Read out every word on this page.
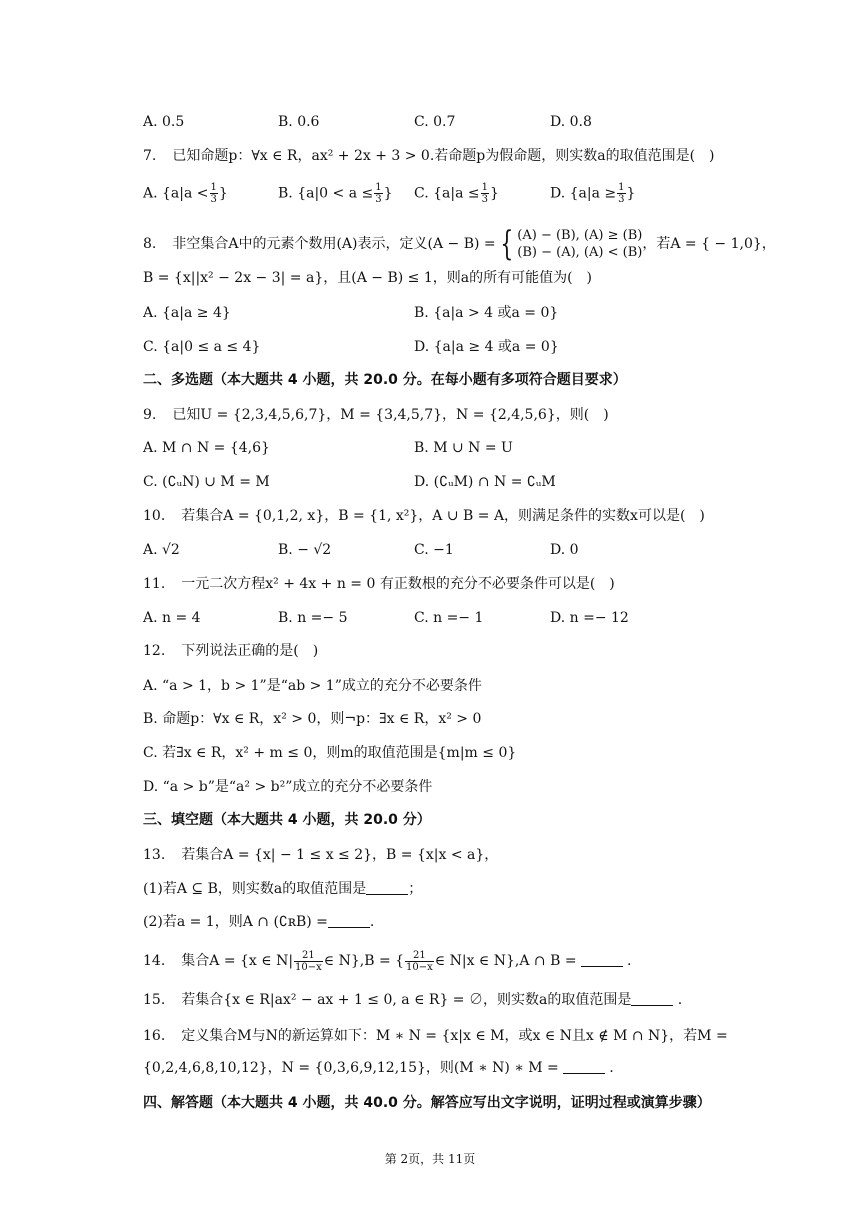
A. 0.5	B. 0.6	C. 0.7	D. 0.8
7. 已知命题p：∀x ∈ R，ax² + 2x + 3 > 0.若命题p为假命题，则实数a的取值范围是(　)
A. {$a|a < \frac{1}{3}$ }	B. {$a|0 < a \le \frac{1}{3}$ } C. {$a|a \le \frac{1}{3}$ }	D. {$a|a \ge \frac{1}{3}$ }
8. 非空集合A中的元素个数用(A)表示，定义(A − B) = { (A) − (B), (A) ≥ (B)
(B) − (A), (A) < (B)
，若A = { − 1,0}，
B = {x||x² − 2x − 3| = a}，且(A − B) ≤ 1，则a的所有可能值为(　)
A. {a|a ≥ 4}	B. {a|a > 4 或a = 0}
C. {a|0 ≤ a ≤ 4}	D. {a|a ≥ 4 或a = 0}
二、多选题（本大题共 4 小题，共 20.0 分。在每小题有多项符合题目要求）
9. 已知U = {2,3,4,5,6,7}，M = {3,4,5,7}，N = {2,4,5,6}，则(　)
A. M ∩ N = {4,6}	B. M ∪ N = U
C. (∁ᵤN) ∪ M = M	D. (∁ᵤM) ∩ N = ∁ᵤM
10. 若集合A = {0,1,2, x}，B = {1, x²}，A ∪ B = A，则满足条件的实数x可以是(　)
A. √2	B. − √2	C. −1	D. 0
11. 一元二次方程x² + 4x + n = 0 有正数根的充分不必要条件可以是(　)
A. n = 4	B. n =− 5	C. n =− 1	D. n =− 12
12. 下列说法正确的是(　)
A. “a > 1，b > 1”是“ab > 1”成立的充分不必要条件
B. 命题p：∀x ∈ R，x² > 0，则¬p：∃x ∈ R，x² > 0
C. 若∃x ∈ R，x² + m ≤ 0，则m的取值范围是{m|m ≤ 0}
D. “a > b”是“a² > b²”成立的充分不必要条件
三、填空题（本大题共 4 小题，共 20.0 分）
13. 若集合A = {x| − 1 ≤ x ≤ 2}，B = {x|x < a}，
(1)若A ⊆ B，则实数a的取值范围是	；
(2)若a = 1，则A ∩ (∁ʀB) =	.
14. 集合A = {x ∈ $N| \frac{21}{10-x}$ ∈ N},B = { $\frac{21}{10-x}$ ∈ N|x ∈ N},A ∩ B =	.
15. 若集合{x ∈ R|ax² − ax + 1 ≤ 0, a ∈ R} = ∅，则实数a的取值范围是	.
16. 定义集合M与N的新运算如下：M ∗ N = {x|x ∈ M，或x ∈ N且x ∉ M ∩ N}，若M =
{0,2,4,6,8,10,12}，N = {0,3,6,9,12,15}，则(M ∗ N) ∗ M =	.
四、解答题（本大题共 4 小题，共 40.0 分。解答应写出文字说明，证明过程或演算步骤）
第 2页，共 11页
